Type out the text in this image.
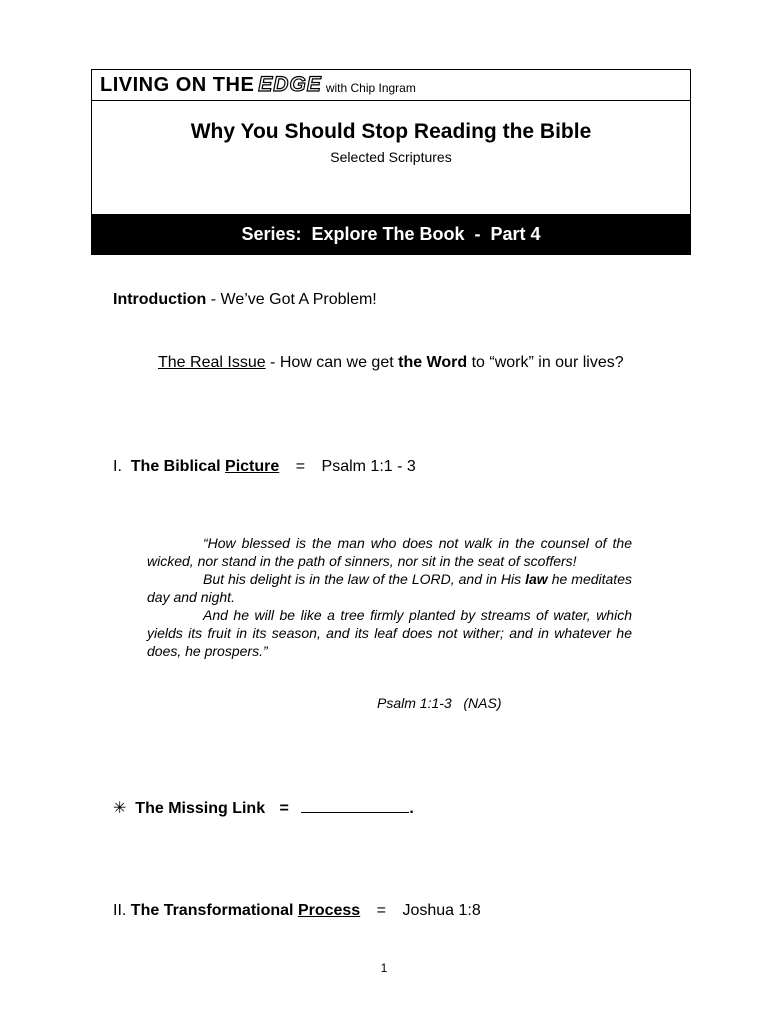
LIVING ON THE EDGE with Chip Ingram
Why You Should Stop Reading the Bible
Selected Scriptures
Series:  Explore The Book  -  Part 4
Introduction - We’ve Got A Problem!
The Real Issue - How can we get the Word to “work” in our lives?
I. The Biblical Picture = Psalm 1:1 - 3

“How blessed is the man who does not walk in the counsel of the wicked, nor stand in the path of sinners, nor sit in the seat of scoffers!

But his delight is in the law of the LORD, and in His law he meditates day and night.

And he will be like a tree firmly planted by streams of water, which yields its fruit in its season, and its leaf does not wither; and in whatever he does, he prospers.”

Psalm 1:1-3   (NAS)
✳ The Missing Link =	.
II. The Transformational Process = Joshua 1:8
1
